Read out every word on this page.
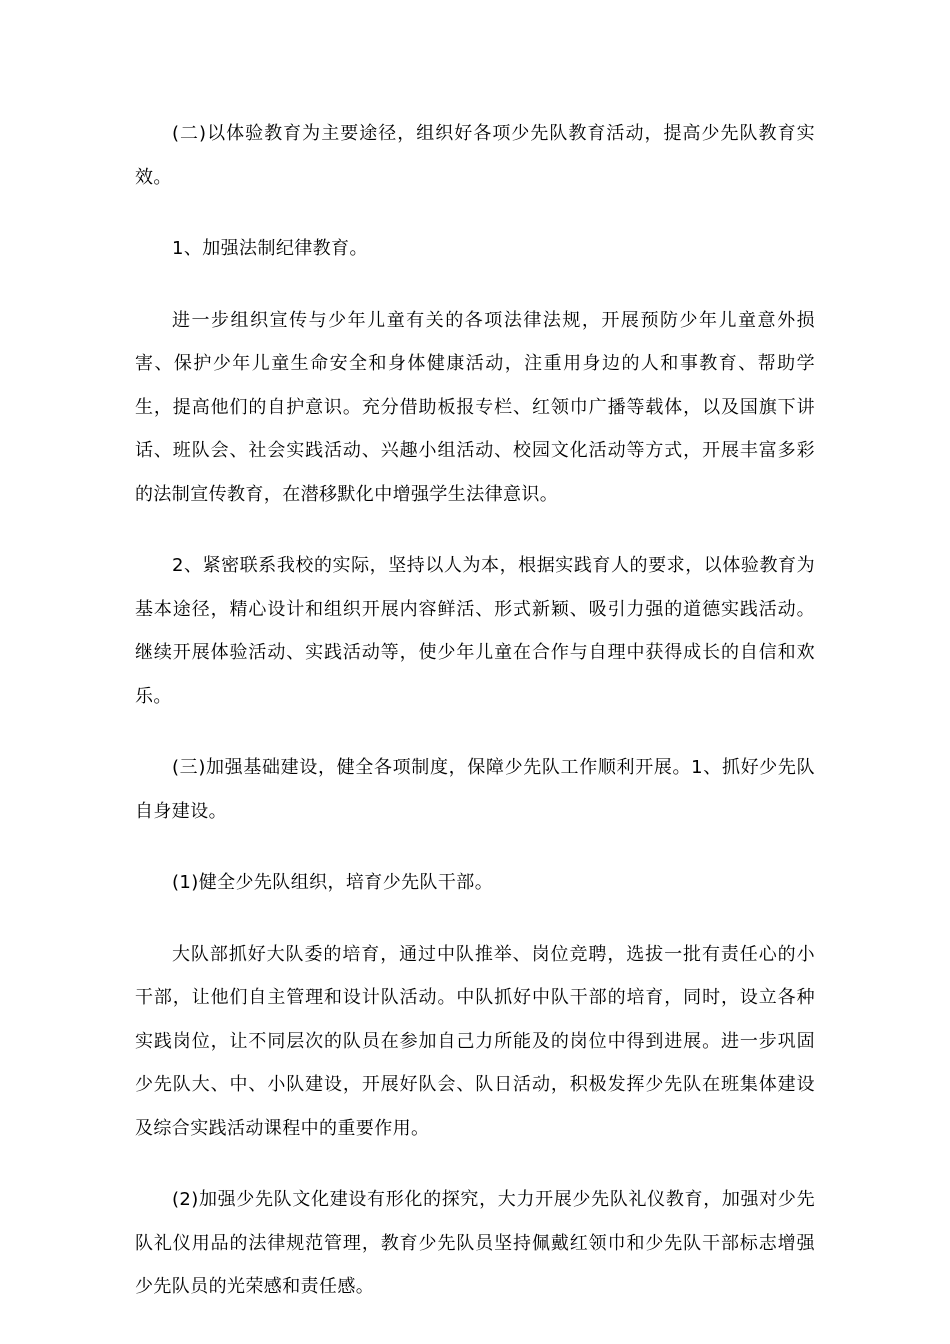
(二)以体验教育为主要途径，组织好各项少先队教育活动，提高少先队教育实效。

1、加强法制纪律教育。

进一步组织宣传与少年儿童有关的各项法律法规，开展预防少年儿童意外损害、保护少年儿童生命安全和身体健康活动，注重用身边的人和事教育、帮助学生，提高他们的自护意识。充分借助板报专栏、红领巾广播等载体，以及国旗下讲话、班队会、社会实践活动、兴趣小组活动、校园文化活动等方式，开展丰富多彩的法制宣传教育，在潜移默化中增强学生法律意识。

2、紧密联系我校的实际，坚持以人为本，根据实践育人的要求，以体验教育为基本途径，精心设计和组织开展内容鲜活、形式新颖、吸引力强的道德实践活动。继续开展体验活动、实践活动等，使少年儿童在合作与自理中获得成长的自信和欢乐。

(三)加强基础建设，健全各项制度，保障少先队工作顺利开展。1、抓好少先队自身建设。

(1)健全少先队组织，培育少先队干部。

大队部抓好大队委的培育，通过中队推举、岗位竞聘，选拔一批有责任心的小干部，让他们自主管理和设计队活动。中队抓好中队干部的培育，同时，设立各种实践岗位，让不同层次的队员在参加自己力所能及的岗位中得到进展。进一步巩固少先队大、中、小队建设，开展好队会、队日活动，积极发挥少先队在班集体建设及综合实践活动课程中的重要作用。

(2)加强少先队文化建设有形化的探究，大力开展少先队礼仪教育，加强对少先队礼仪用品的法律规范管理，教育少先队员坚持佩戴红领巾和少先队干部标志增强少先队员的光荣感和责任感。
